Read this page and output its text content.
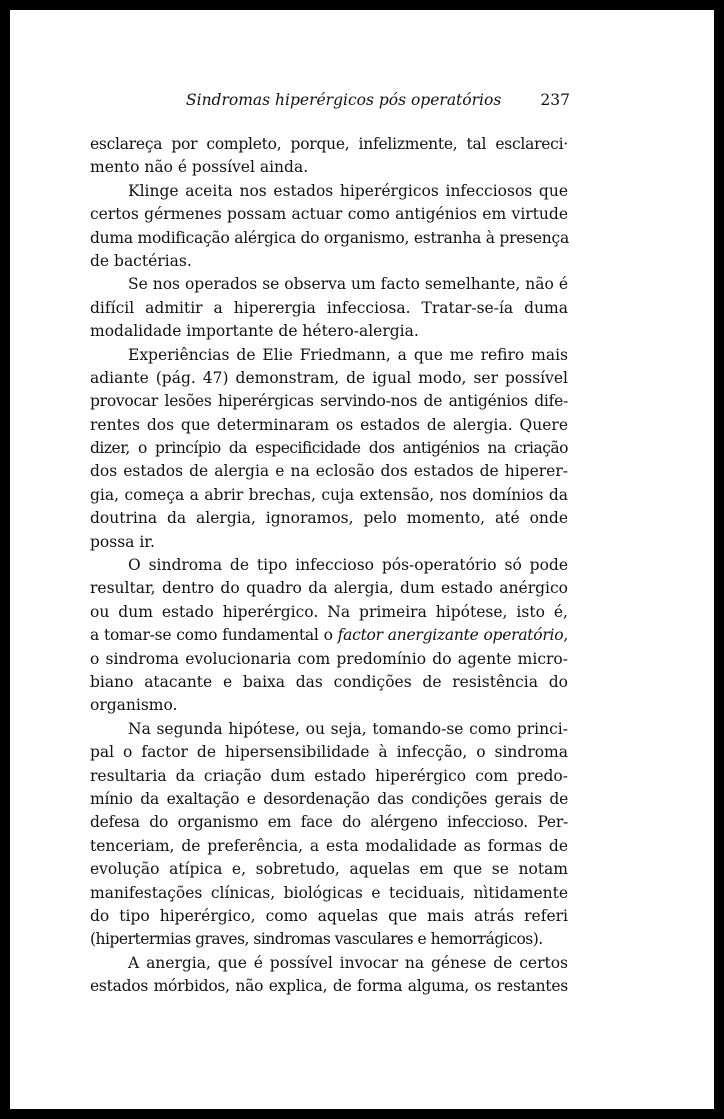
Sindromas hiperérgicos pós operatórios	237
esclareça por completo, porque, infelizmente, tal esclareci·
mento não é possível ainda.
Klinge aceita nos estados hiperérgicos infecciosos que
certos gérmenes possam actuar como antigénios em virtude
duma modificação alérgica do organismo, estranha à presença
de bactérias.
Se nos operados se observa um facto semelhante, não é
difícil admitir a hiperergia infecciosa. Tratar-se-ía duma
modalidade importante de hétero-alergia.
Experiências de Elie Friedmann, a que me refiro mais
adiante (pág. 47) demonstram, de igual modo, ser possível
provocar lesões hiperérgicas servindo-nos de antigénios dife-
rentes dos que determinaram os estados de alergia. Quere
dizer, o princípio da especificidade dos antigénios na criação
dos estados de alergia e na eclosão dos estados de hiperer-
gia, começa a abrir brechas, cuja extensão, nos domínios da
doutrina da alergia, ignoramos, pelo momento, até onde
possa ir.
O sindroma de tipo infeccioso pós-operatório só pode
resultar, dentro do quadro da alergia, dum estado anérgico
ou dum estado hiperérgico. Na primeira hipótese, isto é,
a tomar-se como fundamental o factor anergizante operatório,
o sindroma evolucionaria com predomínio do agente micro-
biano atacante e baixa das condições de resistência do
organismo.
Na segunda hipótese, ou seja, tomando-se como princi-
pal o factor de hipersensibilidade à infecção, o sindroma
resultaria da criação dum estado hiperérgico com predo-
mínio da exaltação e desordenação das condições gerais de
defesa do organismo em face do alérgeno infeccioso. Per-
tenceriam, de preferência, a esta modalidade as formas de
evolução atípica e, sobretudo, aquelas em que se notam
manifestações clínicas, biológicas e teciduais, nìtidamente
do tipo hiperérgico, como aquelas que mais atrás referi
(hipertermias graves, sindromas vasculares e hemorrágicos).
A anergia, que é possível invocar na génese de certos
estados mórbidos, não explica, de forma alguma, os restantes
